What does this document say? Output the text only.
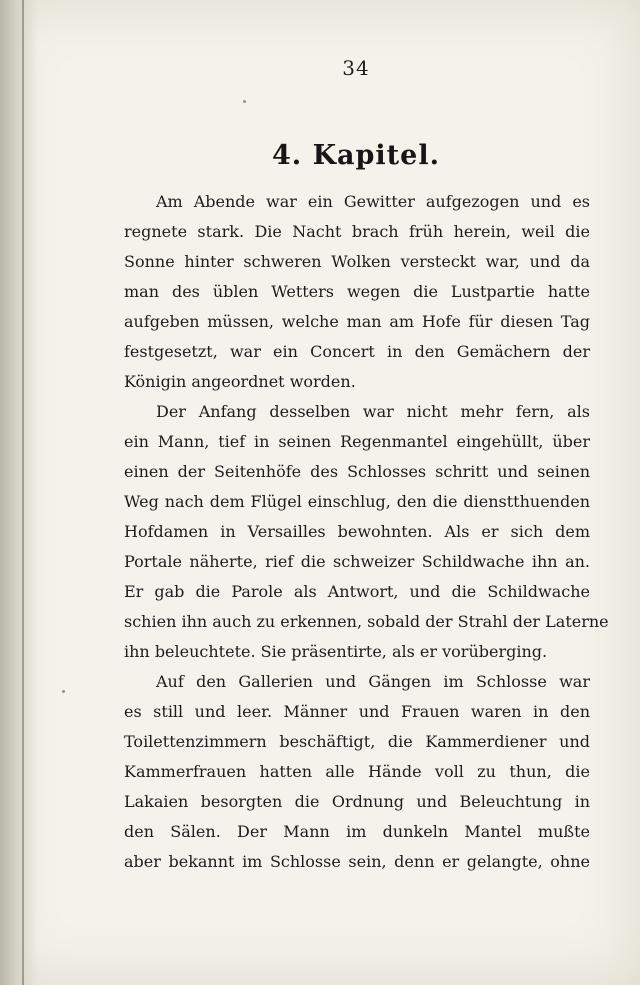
34
4. Kapitel.
Am Abende war ein Gewitter aufgezogen und es
regnete stark. Die Nacht brach früh herein, weil die
Sonne hinter schweren Wolken versteckt war, und da
man des üblen Wetters wegen die Lustpartie hatte
aufgeben müssen, welche man am Hofe für diesen Tag
festgesetzt, war ein Concert in den Gemächern der
Königin angeordnet worden.
Der Anfang desselben war nicht mehr fern, als
ein Mann, tief in seinen Regenmantel eingehüllt, über
einen der Seitenhöfe des Schlosses schritt und seinen
Weg nach dem Flügel einschlug, den die dienstthuenden
Hofdamen in Versailles bewohnten. Als er sich dem
Portale näherte, rief die schweizer Schildwache ihn an.
Er gab die Parole als Antwort, und die Schildwache
schien ihn auch zu erkennen, sobald der Strahl der Laterne
ihn beleuchtete. Sie präsentirte, als er vorüberging.
Auf den Gallerien und Gängen im Schlosse war
es still und leer. Männer und Frauen waren in den
Toilettenzimmern beschäftigt, die Kammerdiener und
Kammerfrauen hatten alle Hände voll zu thun, die
Lakaien besorgten die Ordnung und Beleuchtung in
den Sälen. Der Mann im dunkeln Mantel mußte
aber bekannt im Schlosse sein, denn er gelangte, ohne
